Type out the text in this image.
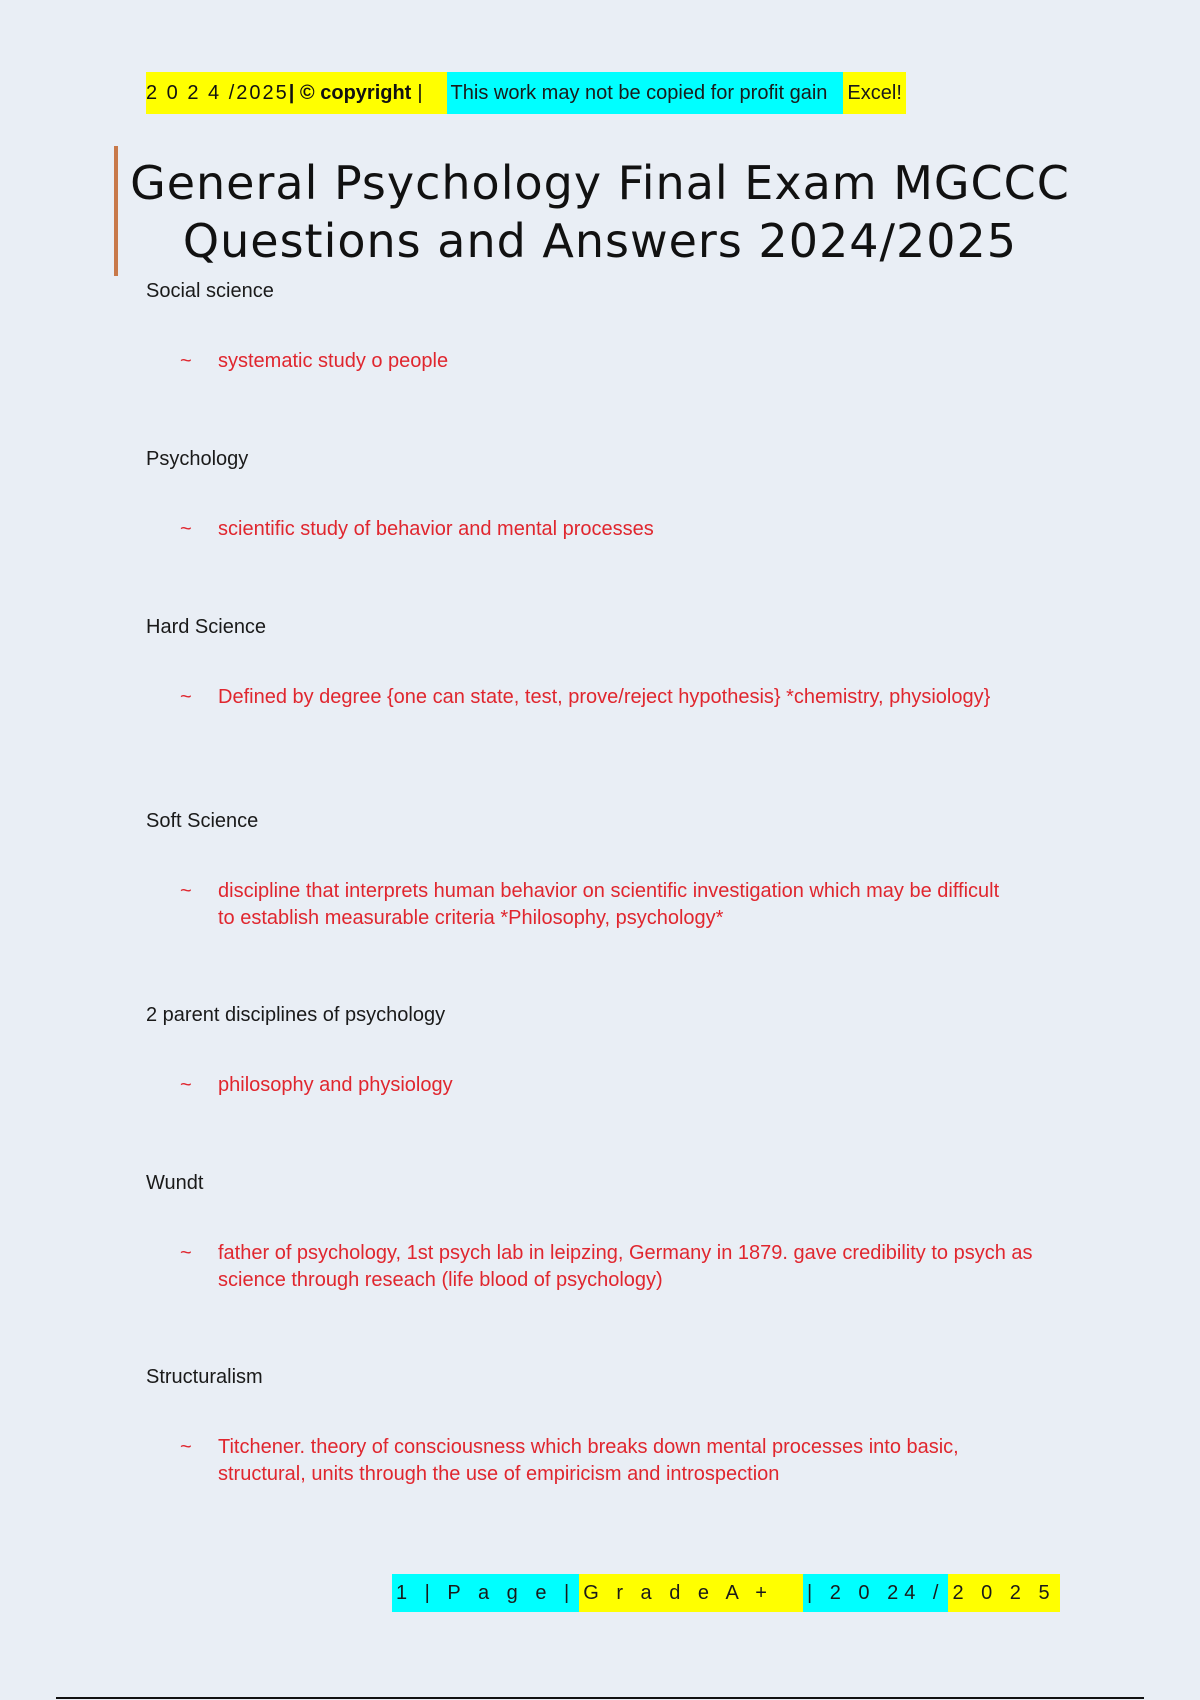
2 0 2 4 /2025 | © copyright |	This work may not be copied for profit gain	Excel!
General Psychology Final Exam MGCCC
Questions and Answers 2024/2025
Social science
~ systematic study o people
Psychology
~ scientific study of behavior and mental processes
Hard Science
~ Defined by degree {one can state, test, prove/reject hypothesis} *chemistry, physiology}
Soft Science
~ discipline that interprets human behavior on scientific investigation which may be difficult to establish measurable criteria *Philosophy, psychology*
2 parent disciplines of psychology
~ philosophy and physiology
Wundt
~ father of psychology, 1st psych lab in leipzing, Germany in 1879. gave credibility to psych as science through reseach (life blood of psychology)
Structuralism
~ Titchener. theory of consciousness which breaks down mental processes into basic, structural, units through the use of empiricism and introspection
1 | P a g e | G r a d e A +	| 2 0 24 / 2 0 2 5
